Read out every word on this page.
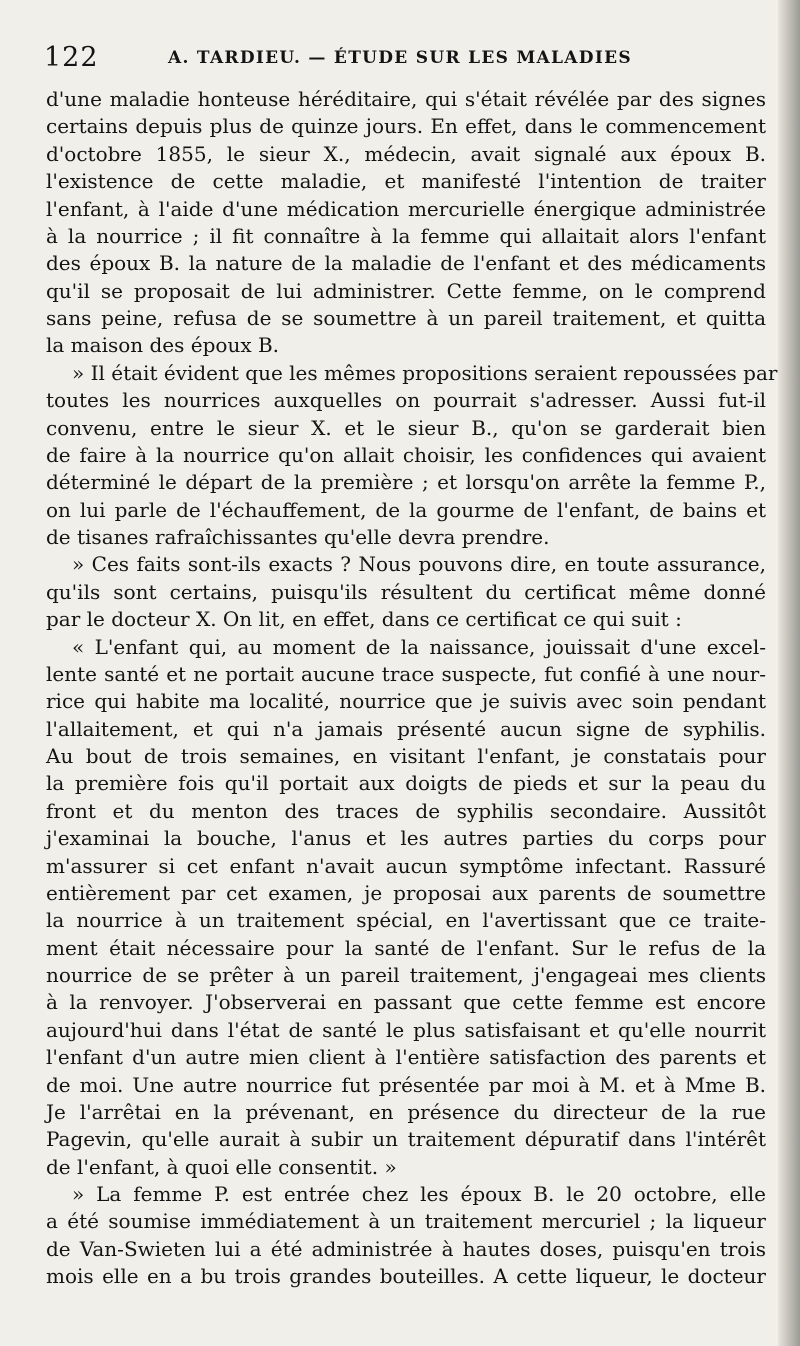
122	A. TARDIEU. — ÉTUDE SUR LES MALADIES
d'une maladie honteuse héréditaire, qui s'était révélée par des signes
certains depuis plus de quinze jours. En effet, dans le commencement
d'octobre 1855, le sieur X., médecin, avait signalé aux époux B.
l'existence de cette maladie, et manifesté l'intention de traiter
l'enfant, à l'aide d'une médication mercurielle énergique administrée
à la nourrice ; il fit connaître à la femme qui allaitait alors l'enfant
des époux B. la nature de la maladie de l'enfant et des médicaments
qu'il se proposait de lui administrer. Cette femme, on le comprend
sans peine, refusa de se soumettre à un pareil traitement, et quitta
la maison des époux B.
» Il était évident que les mêmes propositions seraient repoussées par
toutes les nourrices auxquelles on pourrait s'adresser. Aussi fut-il
convenu, entre le sieur X. et le sieur B., qu'on se garderait bien
de faire à la nourrice qu'on allait choisir, les confidences qui avaient
déterminé le départ de la première ; et lorsqu'on arrête la femme P.,
on lui parle de l'échauffement, de la gourme de l'enfant, de bains et
de tisanes rafraîchissantes qu'elle devra prendre.
» Ces faits sont-ils exacts ? Nous pouvons dire, en toute assurance,
qu'ils sont certains, puisqu'ils résultent du certificat même donné
par le docteur X. On lit, en effet, dans ce certificat ce qui suit :
« L'enfant qui, au moment de la naissance, jouissait d'une excel-
lente santé et ne portait aucune trace suspecte, fut confié à une nour-
rice qui habite ma localité, nourrice que je suivis avec soin pendant
l'allaitement, et qui n'a jamais présenté aucun signe de syphilis.
Au bout de trois semaines, en visitant l'enfant, je constatais pour
la première fois qu'il portait aux doigts de pieds et sur la peau du
front et du menton des traces de syphilis secondaire. Aussitôt
j'examinai la bouche, l'anus et les autres parties du corps pour
m'assurer si cet enfant n'avait aucun symptôme infectant. Rassuré
entièrement par cet examen, je proposai aux parents de soumettre
la nourrice à un traitement spécial, en l'avertissant que ce traite-
ment était nécessaire pour la santé de l'enfant. Sur le refus de la
nourrice de se prêter à un pareil traitement, j'engageai mes clients
à la renvoyer. J'observerai en passant que cette femme est encore
aujourd'hui dans l'état de santé le plus satisfaisant et qu'elle nourrit
l'enfant d'un autre mien client à l'entière satisfaction des parents et
de moi. Une autre nourrice fut présentée par moi à M. et à Mme B.
Je l'arrêtai en la prévenant, en présence du directeur de la rue
Pagevin, qu'elle aurait à subir un traitement dépuratif dans l'intérêt
de l'enfant, à quoi elle consentit. »
» La femme P. est entrée chez les époux B. le 20 octobre, elle
a été soumise immédiatement à un traitement mercuriel ; la liqueur
de Van-Swieten lui a été administrée à hautes doses, puisqu'en trois
mois elle en a bu trois grandes bouteilles. A cette liqueur, le docteur
